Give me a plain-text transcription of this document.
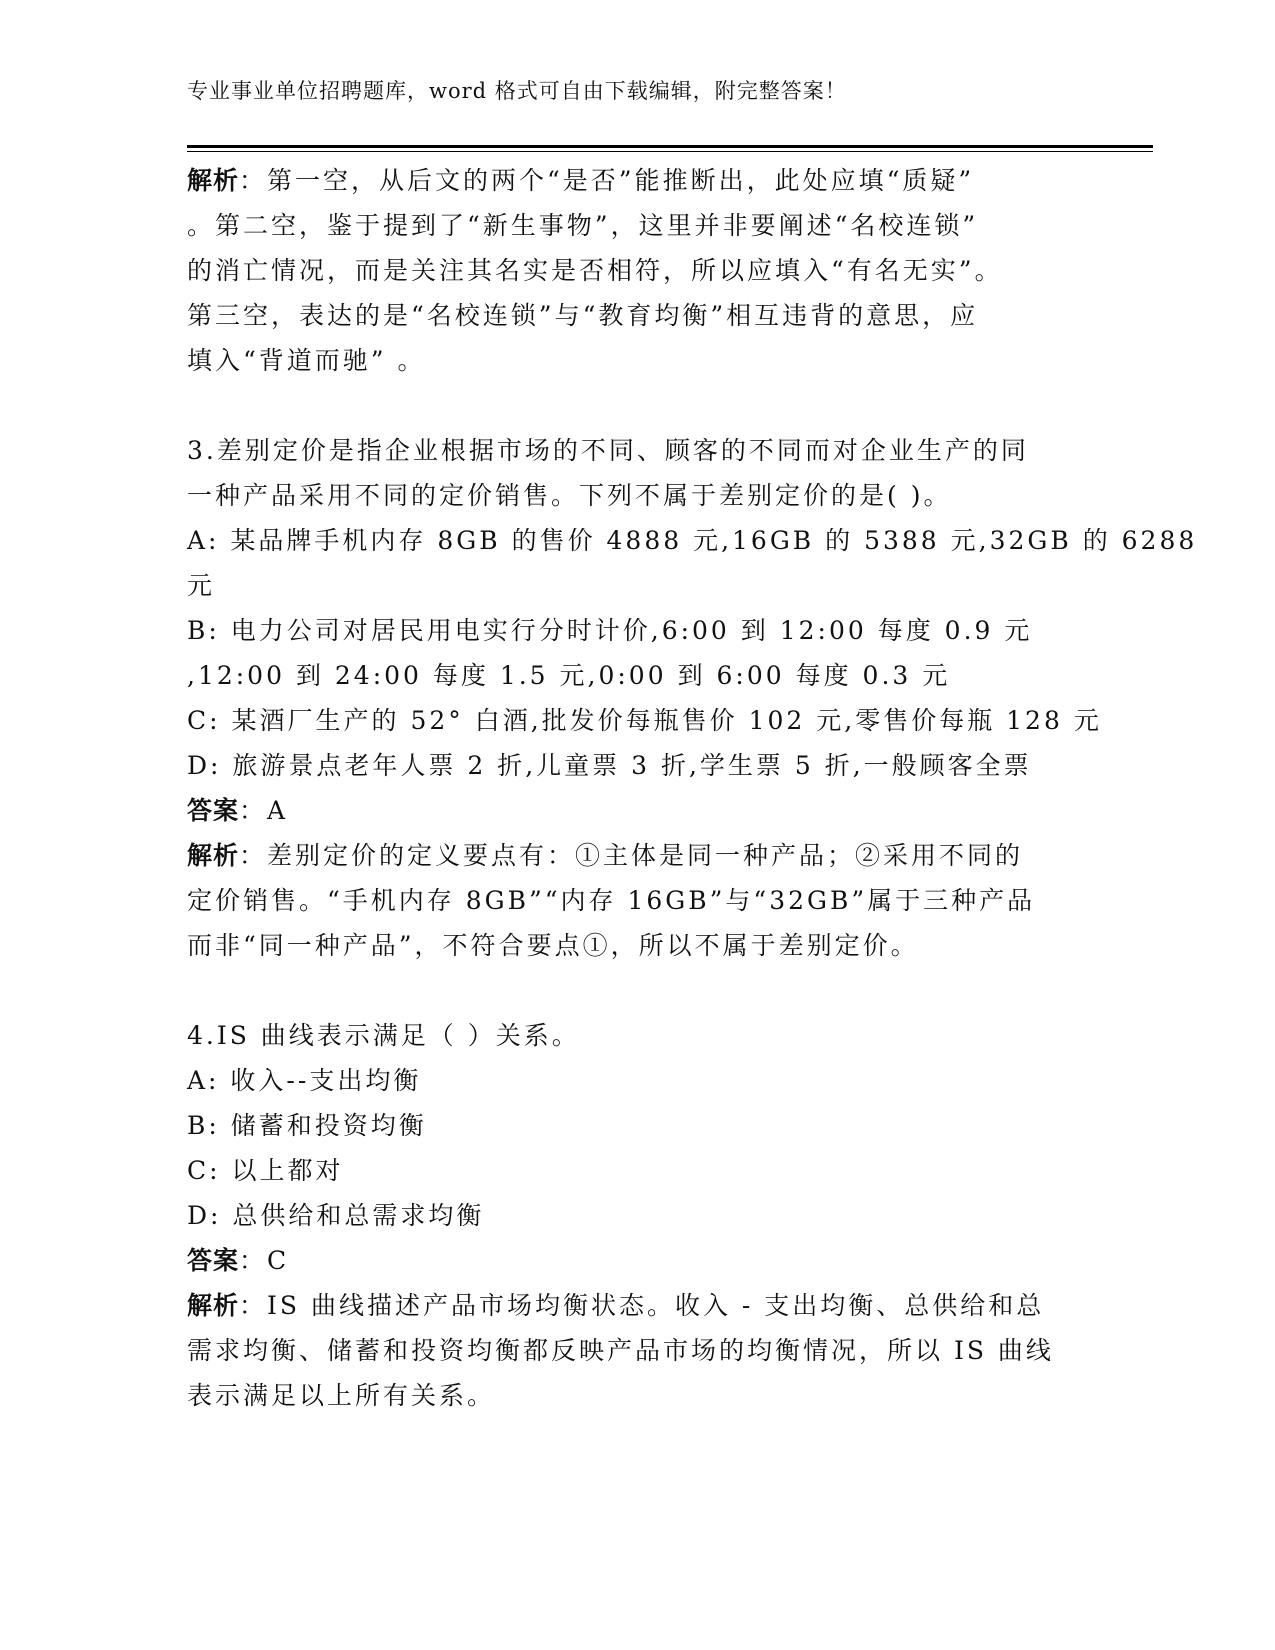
专业事业单位招聘题库，word 格式可自由下载编辑，附完整答案！
解析：第一空，从后文的两个“是否”能推断出，此处应填“质疑”
。第二空，鉴于提到了“新生事物”，这里并非要阐述“名校连锁”
的消亡情况，而是关注其名实是否相符，所以应填入“有名无实”。
第三空，表达的是“名校连锁”与“教育均衡”相互违背的意思，应
填入“背道而驰” 。
3.差别定价是指企业根据市场的不同、顾客的不同而对企业生产的同
一种产品采用不同的定价销售。下列不属于差别定价的是( )。
A: 某品牌手机内存 8GB 的售价 4888 元,16GB 的 5388 元,32GB 的 6288
元
B: 电力公司对居民用电实行分时计价,6:00 到 12:00 每度 0.9 元
,12:00 到 24:00 每度 1.5 元,0:00 到 6:00 每度 0.3 元
C: 某酒厂生产的 52° 白酒,批发价每瓶售价 102 元,零售价每瓶 128 元
D: 旅游景点老年人票 2 折,儿童票 3 折,学生票 5 折,一般顾客全票
答案：A
解析：差别定价的定义要点有：①主体是同一种产品；②采用不同的
定价销售。“手机内存 8GB”“内存 16GB”与“32GB”属于三种产品
而非“同一种产品”，不符合要点①，所以不属于差别定价。
4.IS 曲线表示满足（ ）关系。
A: 收入--支出均衡
B: 储蓄和投资均衡
C: 以上都对
D: 总供给和总需求均衡
答案：C
解析：IS 曲线描述产品市场均衡状态。收入 - 支出均衡、总供给和总
需求均衡、储蓄和投资均衡都反映产品市场的均衡情况，所以 IS 曲线
表示满足以上所有关系。
